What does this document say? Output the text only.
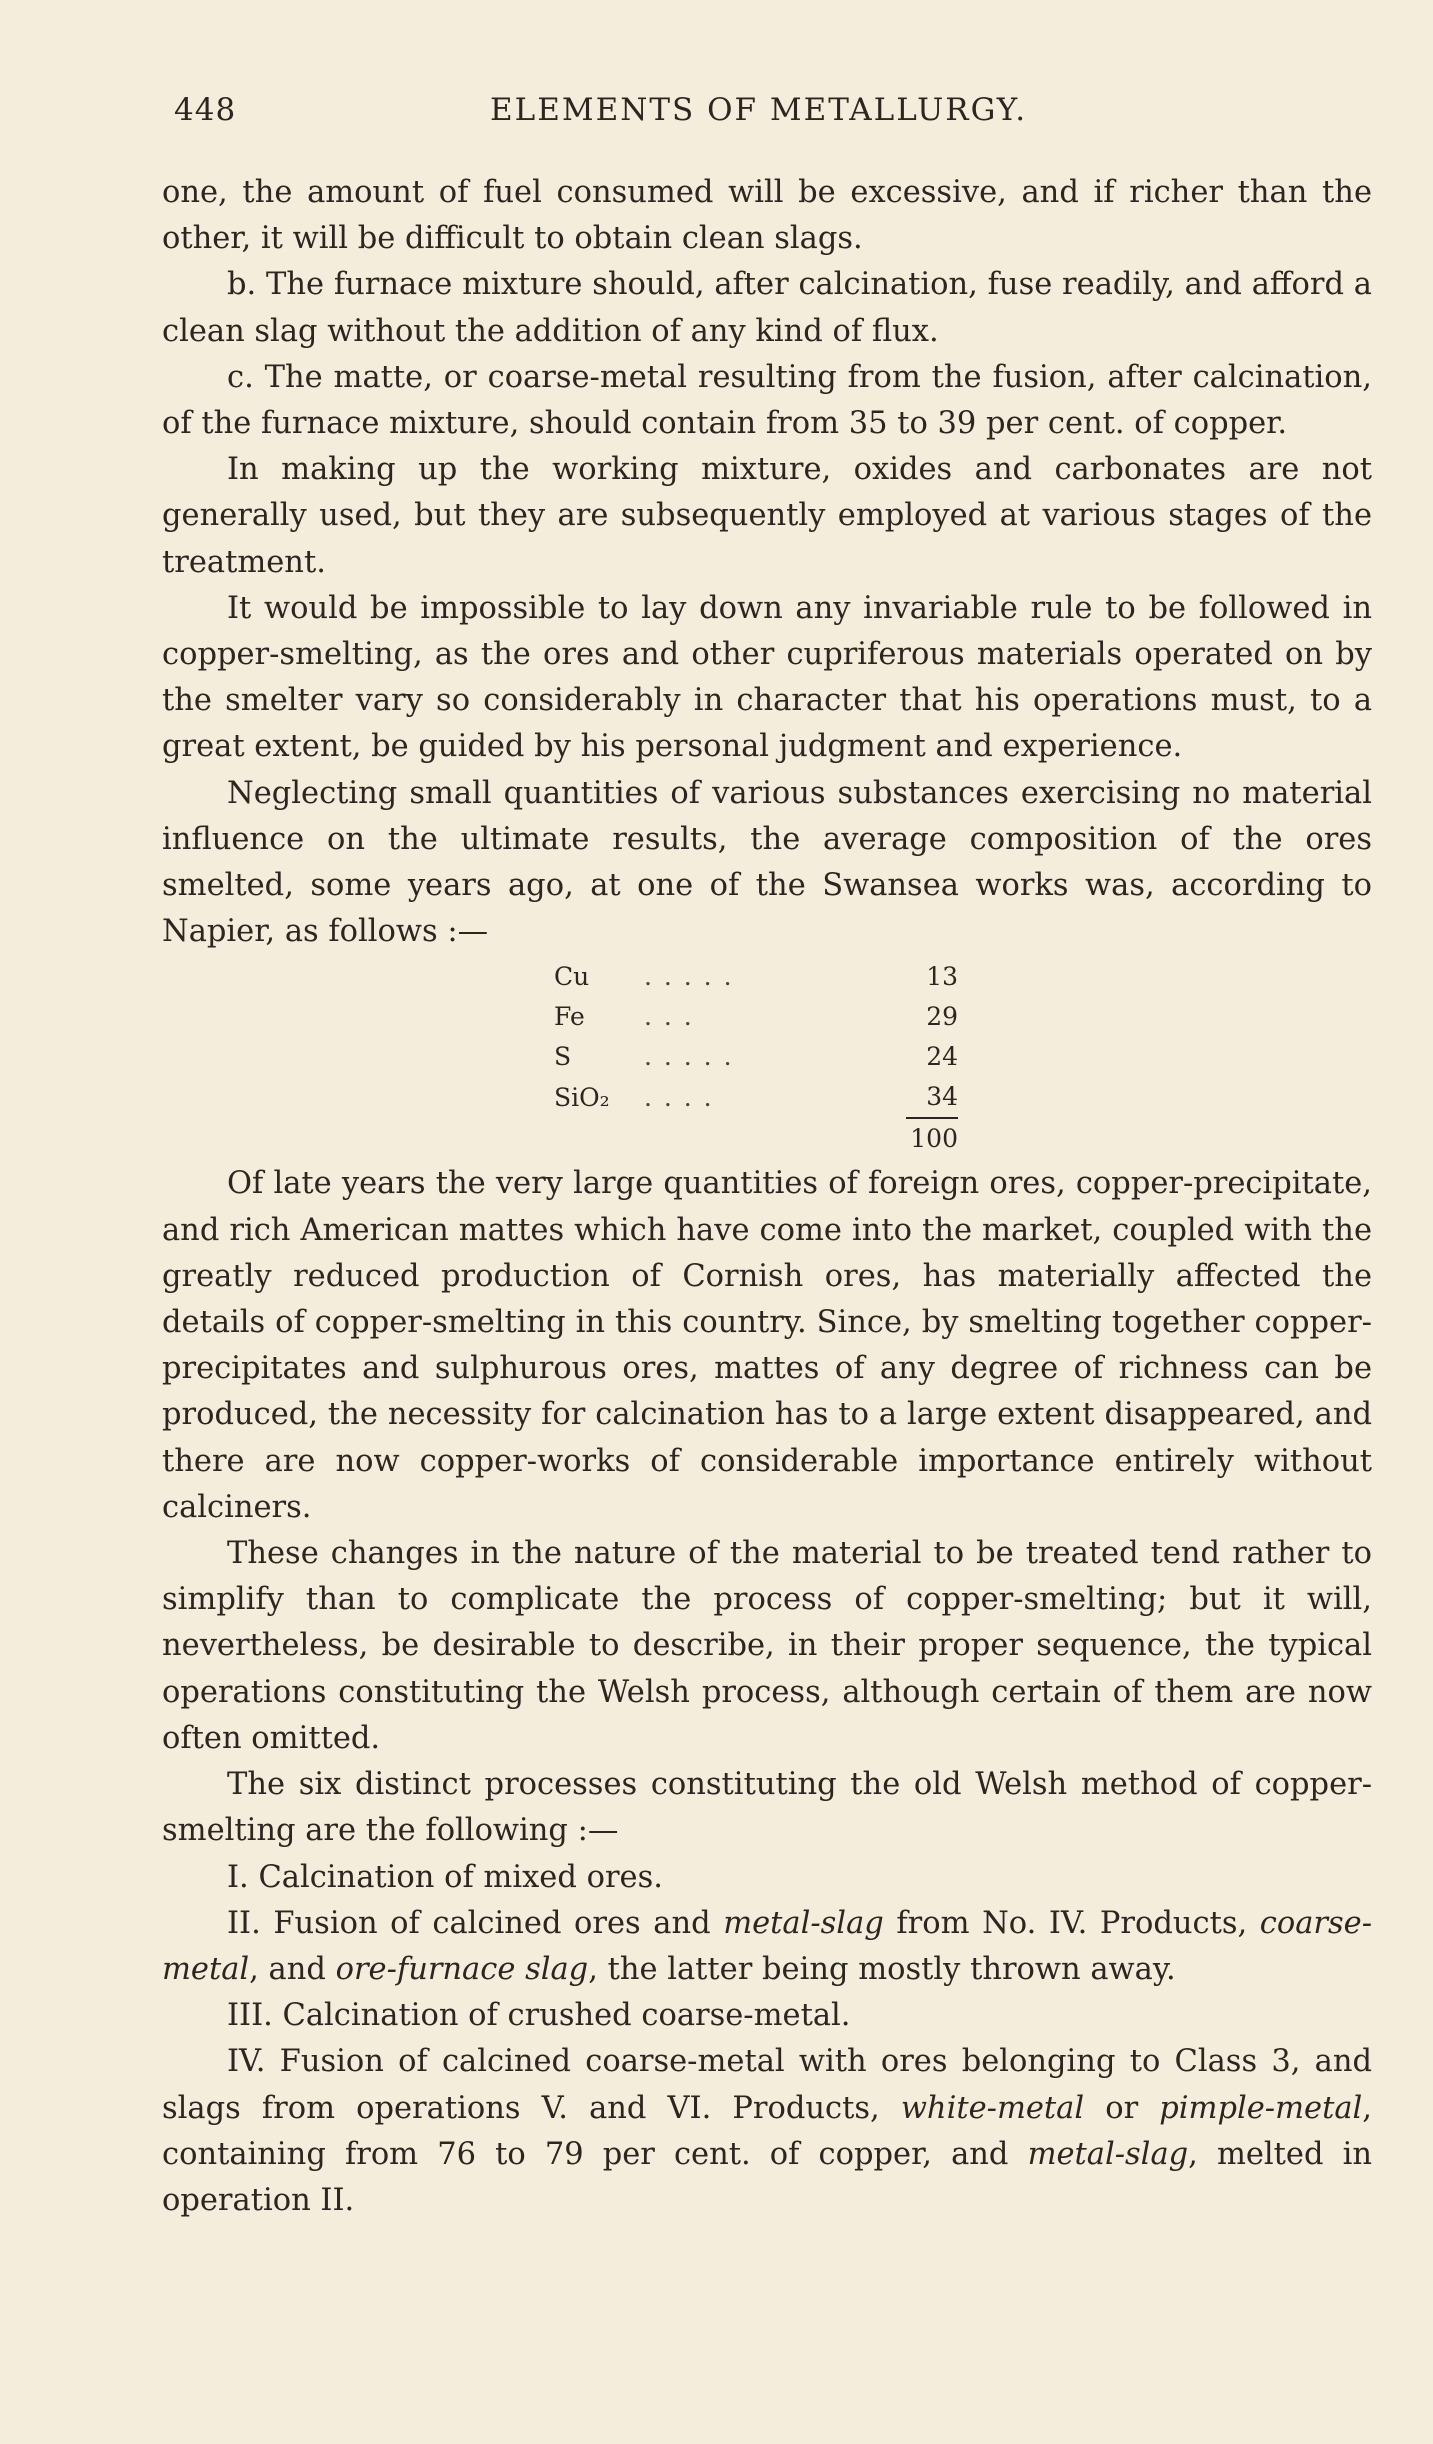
448	ELEMENTS OF METALLURGY.

one, the amount of fuel consumed will be excessive, and if richer than the other, it will be difficult to obtain clean slags.

b. The furnace mixture should, after calcination, fuse readily, and afford a clean slag without the addition of any kind of flux.

c. The matte, or coarse-metal resulting from the fusion, after calcination, of the furnace mixture, should contain from 35 to 39 per cent. of copper.

In making up the working mixture, oxides and carbonates are not generally used, but they are subsequently employed at various stages of the treatment.

It would be impossible to lay down any invariable rule to be followed in copper-smelting, as the ores and other cupriferous materials operated on by the smelter vary so considerably in character that his operations must, to a great extent, be guided by his personal judgment and experience.

Neglecting small quantities of various substances exercising no material influence on the ultimate results, the average composition of the ores smelted, some years ago, at one of the Swansea works was, according to Napier, as follows :—

Cu	. . . . .	13
Fe	. . .	29
S	. . . . .	24
SiO₂	. . . .	34
		100

Of late years the very large quantities of foreign ores, copper-precipitate, and rich American mattes which have come into the market, coupled with the greatly reduced production of Cornish ores, has materially affected the details of copper-smelting in this country. Since, by smelting together copper-precipitates and sulphurous ores, mattes of any degree of richness can be produced, the necessity for calcination has to a large extent disappeared, and there are now copper-works of considerable importance entirely without calciners.

These changes in the nature of the material to be treated tend rather to simplify than to complicate the process of copper-smelting; but it will, nevertheless, be desirable to describe, in their proper sequence, the typical operations constituting the Welsh process, although certain of them are now often omitted.

The six distinct processes constituting the old Welsh method of copper-smelting are the following :—

I. Calcination of mixed ores.

II. Fusion of calcined ores and metal-slag from No. IV. Products, coarse-metal, and ore-furnace slag, the latter being mostly thrown away.

III. Calcination of crushed coarse-metal.

IV. Fusion of calcined coarse-metal with ores belonging to Class 3, and slags from operations V. and VI. Products, white-metal or pimple-metal, containing from 76 to 79 per cent. of copper, and metal-slag, melted in operation II.
